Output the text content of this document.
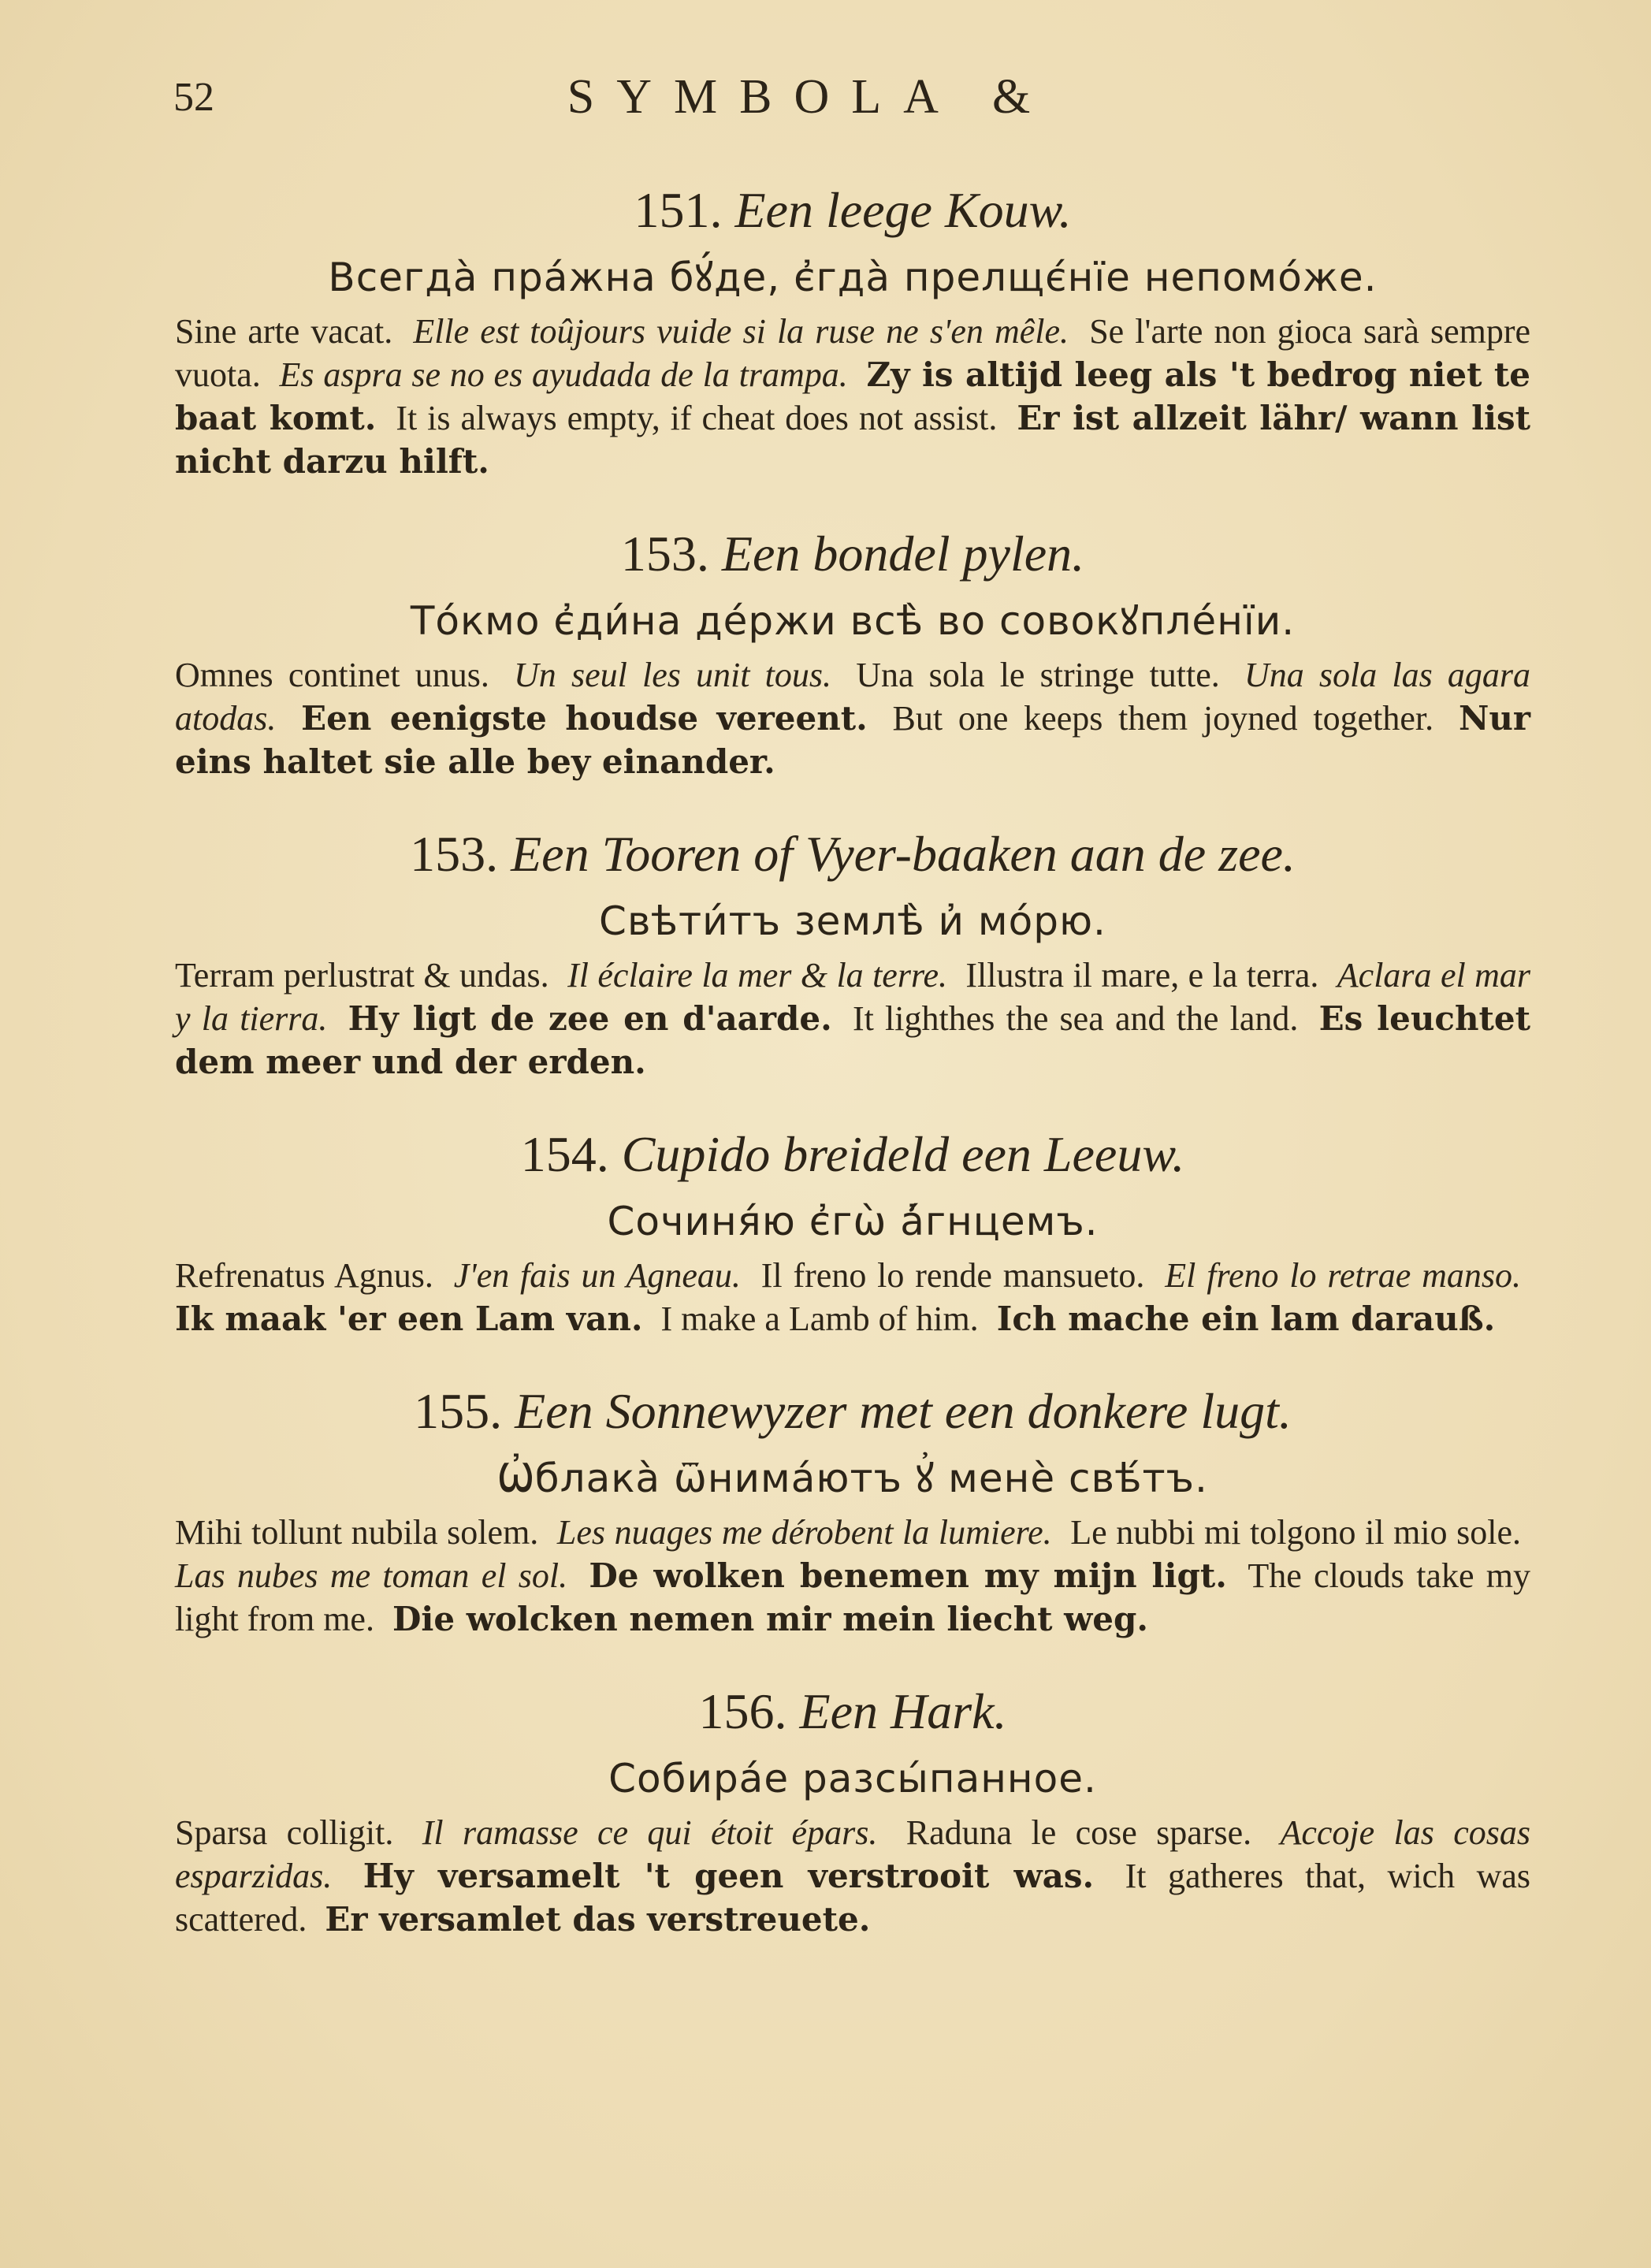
52	SYMBOLA &
151. Een leege Kouw.
Всегда̀ пра́жна бꙋ́де, є҆гда̀ прелщє́нїе непомо́же.
Sine arte vacat. Elle est toûjours vuide si la ruse ne s'en mêle. Se l'arte non gioca sarà sempre vuota. Es aspra se no es ayudada de la trampa. Zy is altijd leeg als 't bedrog niet te baat komt. It is always empty, if cheat does not assist. Er ist allzeit lähr/ wann list nicht darzu hilft.
153. Een bondel pylen.
То́кмо є҆ди́на де́ржи всѣ̀ во совокꙋпле́нїи.
Omnes continet unus. Un seul les unit tous. Una sola le stringe tutte. Una sola las agara atodas. Een eenigste houdse vereent. But one keeps them joyned together. Nur eins haltet sie alle bey einander.
153. Een Tooren of Vyer-baaken aan de zee.
Свѣти́тъ землѣ̀ и҆ мо́рю.
Terram perlustrat & undas. Il éclaire la mer & la terre. Illustra il mare, e la terra. Aclara el mar y la tierra. Hy ligt de zee en d'aarde. It lighthes the sea and the land. Es leuchtet dem meer und der erden.
154. Cupido breideld een Leeuw.
Сочиня́ю є҆гѡ̀ а҆́гнцемъ.
Refrenatus Agnus. J'en fais un Agneau. Il freno lo rende mansueto. El freno lo retrae manso. Ik maak 'er een Lam van. I make a Lamb of him. Ich mache ein lam darauß.
155. Een Sonnewyzer met een donkere lugt.
Ѡ҆блака̀ ѿнима́ютъ ꙋ҆ менѐ свѣ́тъ.
Mihi tollunt nubila solem. Les nuages me dérobent la lumiere. Le nubbi mi tolgono il mio sole. Las nubes me toman el sol. De wolken benemen my mijn ligt. The clouds take my light from me. Die wolcken nemen mir mein liecht weg.
156. Een Hark.
Собира́е разсы́панное.
Sparsa colligit. Il ramasse ce qui étoit épars. Raduna le cose sparse. Accoje las cosas esparzidas. Hy versamelt 't geen verstrooit was. It gatheres that, wich was scattered. Er versamlet das verstreuete.
